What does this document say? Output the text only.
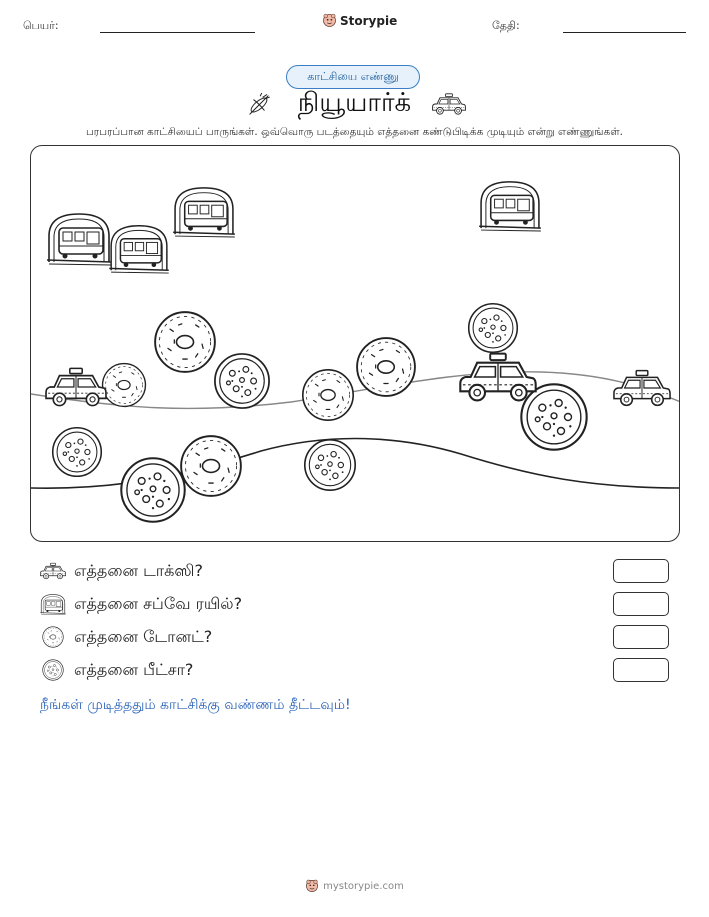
பெயர்:	Storypie	தேதி:
காட்சியை எண்ணு
நியூயார்க்
பரபரப்பான காட்சியைப் பாருங்கள். ஒவ்வொரு படத்தையும் எத்தனை கண்டுபிடிக்க முடியும் என்று எண்ணுங்கள்.
எத்தனை டாக்ஸி?
எத்தனை சப்வே ரயில்?
எத்தனை டோனட்?
எத்தனை பீட்சா?
நீங்கள் முடித்ததும் காட்சிக்கு வண்ணம் தீட்டவும்!
mystorypie.com
